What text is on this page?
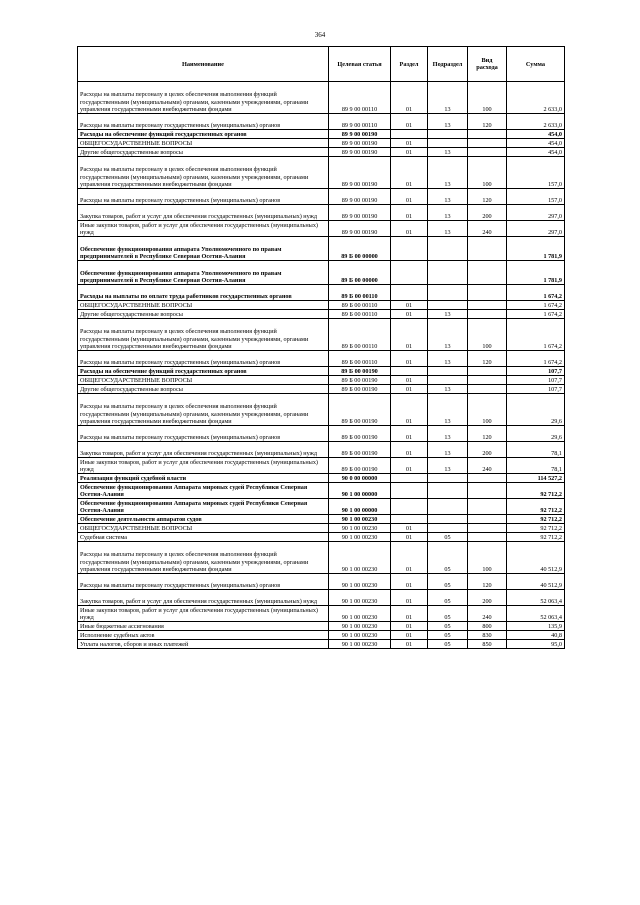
364
Наименование	Целевая статья	Раздел	Подраздел	Вид расхода	Сумма
Расходы на выплаты персоналу в целях обеспечения выполнения функций государственными (муниципальными) органами, казенными учреждениями, органами управления государственными внебюджетными фондами	89 9 00 00110	01	13	100	2 633,0
Расходы на выплаты персоналу государственных (муниципальных) органов	89 9 00 00110	01	13	120	2 633,0
Расходы на обеспечение функций государственных органов	89 9 00 00190				454,0
ОБЩЕГОСУДАРСТВЕННЫЕ ВОПРОСЫ	89 9 00 00190	01			454,0
Другие общегосударственные вопросы	89 9 00 00190	01	13		454,0
Расходы на выплаты персоналу в целях обеспечения выполнения функций государственными (муниципальными) органами, казенными учреждениями, органами управления государственными внебюджетными фондами	89 9 00 00190	01	13	100	157,0
Расходы на выплаты персоналу государственных (муниципальных) органов	89 9 00 00190	01	13	120	157,0
Закупка товаров, работ и услуг для обеспечения государственных (муниципальных) нужд	89 9 00 00190	01	13	200	297,0
Иные закупки товаров, работ и услуг для обеспечения государственных (муниципальных) нужд	89 9 00 00190	01	13	240	297,0
Обеспечение функционирования аппарата Уполномоченного по правам предпринимателей в Республике Северная Осетия-Алания	89 Б 00 00000				1 781,9
Обеспечение функционирования аппарата Уполномоченного по правам предпринимателей в Республике Северная Осетия-Алания	89 Б 00 00000				1 781,9
Расходы на выплаты по оплате труда работников государственных органов	89 Б 00 00110				1 674,2
ОБЩЕГОСУДАРСТВЕННЫЕ ВОПРОСЫ	89 Б 00 00110	01			1 674,2
Другие общегосударственные вопросы	89 Б 00 00110	01	13		1 674,2
Расходы на выплаты персоналу в целях обеспечения выполнения функций государственными (муниципальными) органами, казенными учреждениями, органами управления государственными внебюджетными фондами	89 Б 00 00110	01	13	100	1 674,2
Расходы на выплаты персоналу государственных (муниципальных) органов	89 Б 00 00110	01	13	120	1 674,2
Расходы на обеспечение функций государственных органов	89 Б 00 00190				107,7
ОБЩЕГОСУДАРСТВЕННЫЕ ВОПРОСЫ	89 Б 00 00190	01			107,7
Другие общегосударственные вопросы	89 Б 00 00190	01	13		107,7
Расходы на выплаты персоналу в целях обеспечения выполнения функций государственными (муниципальными) органами, казенными учреждениями, органами управления государственными внебюджетными фондами	89 Б 00 00190	01	13	100	29,6
Расходы на выплаты персоналу государственных (муниципальных) органов	89 Б 00 00190	01	13	120	29,6
Закупка товаров, работ и услуг для обеспечения государственных (муниципальных) нужд	89 Б 00 00190	01	13	200	78,1
Иные закупки товаров, работ и услуг для обеспечения государственных (муниципальных) нужд	89 Б 00 00190	01	13	240	78,1
Реализация функций судебной власти	90 0 00 00000				114 527,2
Обеспечение функционирования Аппарата мировых судей Республики Северная Осетия-Алания	90 1 00 00000				92 712,2
Обеспечение функционирования Аппарата мировых судей Республики Северная Осетия-Алания	90 1 00 00000				92 712,2
Обеспечение деятельности аппаратов судов	90 1 00 00230				92 712,2
ОБЩЕГОСУДАРСТВЕННЫЕ ВОПРОСЫ	90 1 00 00230	01			92 712,2
Судебная система	90 1 00 00230	01	05		92 712,2
Расходы на выплаты персоналу в целях обеспечения выполнения функций государственными (муниципальными) органами, казенными учреждениями, органами управления государственными внебюджетными фондами	90 1 00 00230	01	05	100	40 512,9
Расходы на выплаты персоналу государственных (муниципальных) органов	90 1 00 00230	01	05	120	40 512,9
Закупка товаров, работ и услуг для обеспечения государственных (муниципальных) нужд	90 1 00 00230	01	05	200	52 063,4
Иные закупки товаров, работ и услуг для обеспечения государственных (муниципальных) нужд	90 1 00 00230	01	05	240	52 063,4
Иные бюджетные ассигнования	90 1 00 00230	01	05	800	135,9
Исполнение судебных актов	90 1 00 00230	01	05	830	40,8
Уплата налогов, сборов и иных платежей	90 1 00 00230	01	05	850	95,0
